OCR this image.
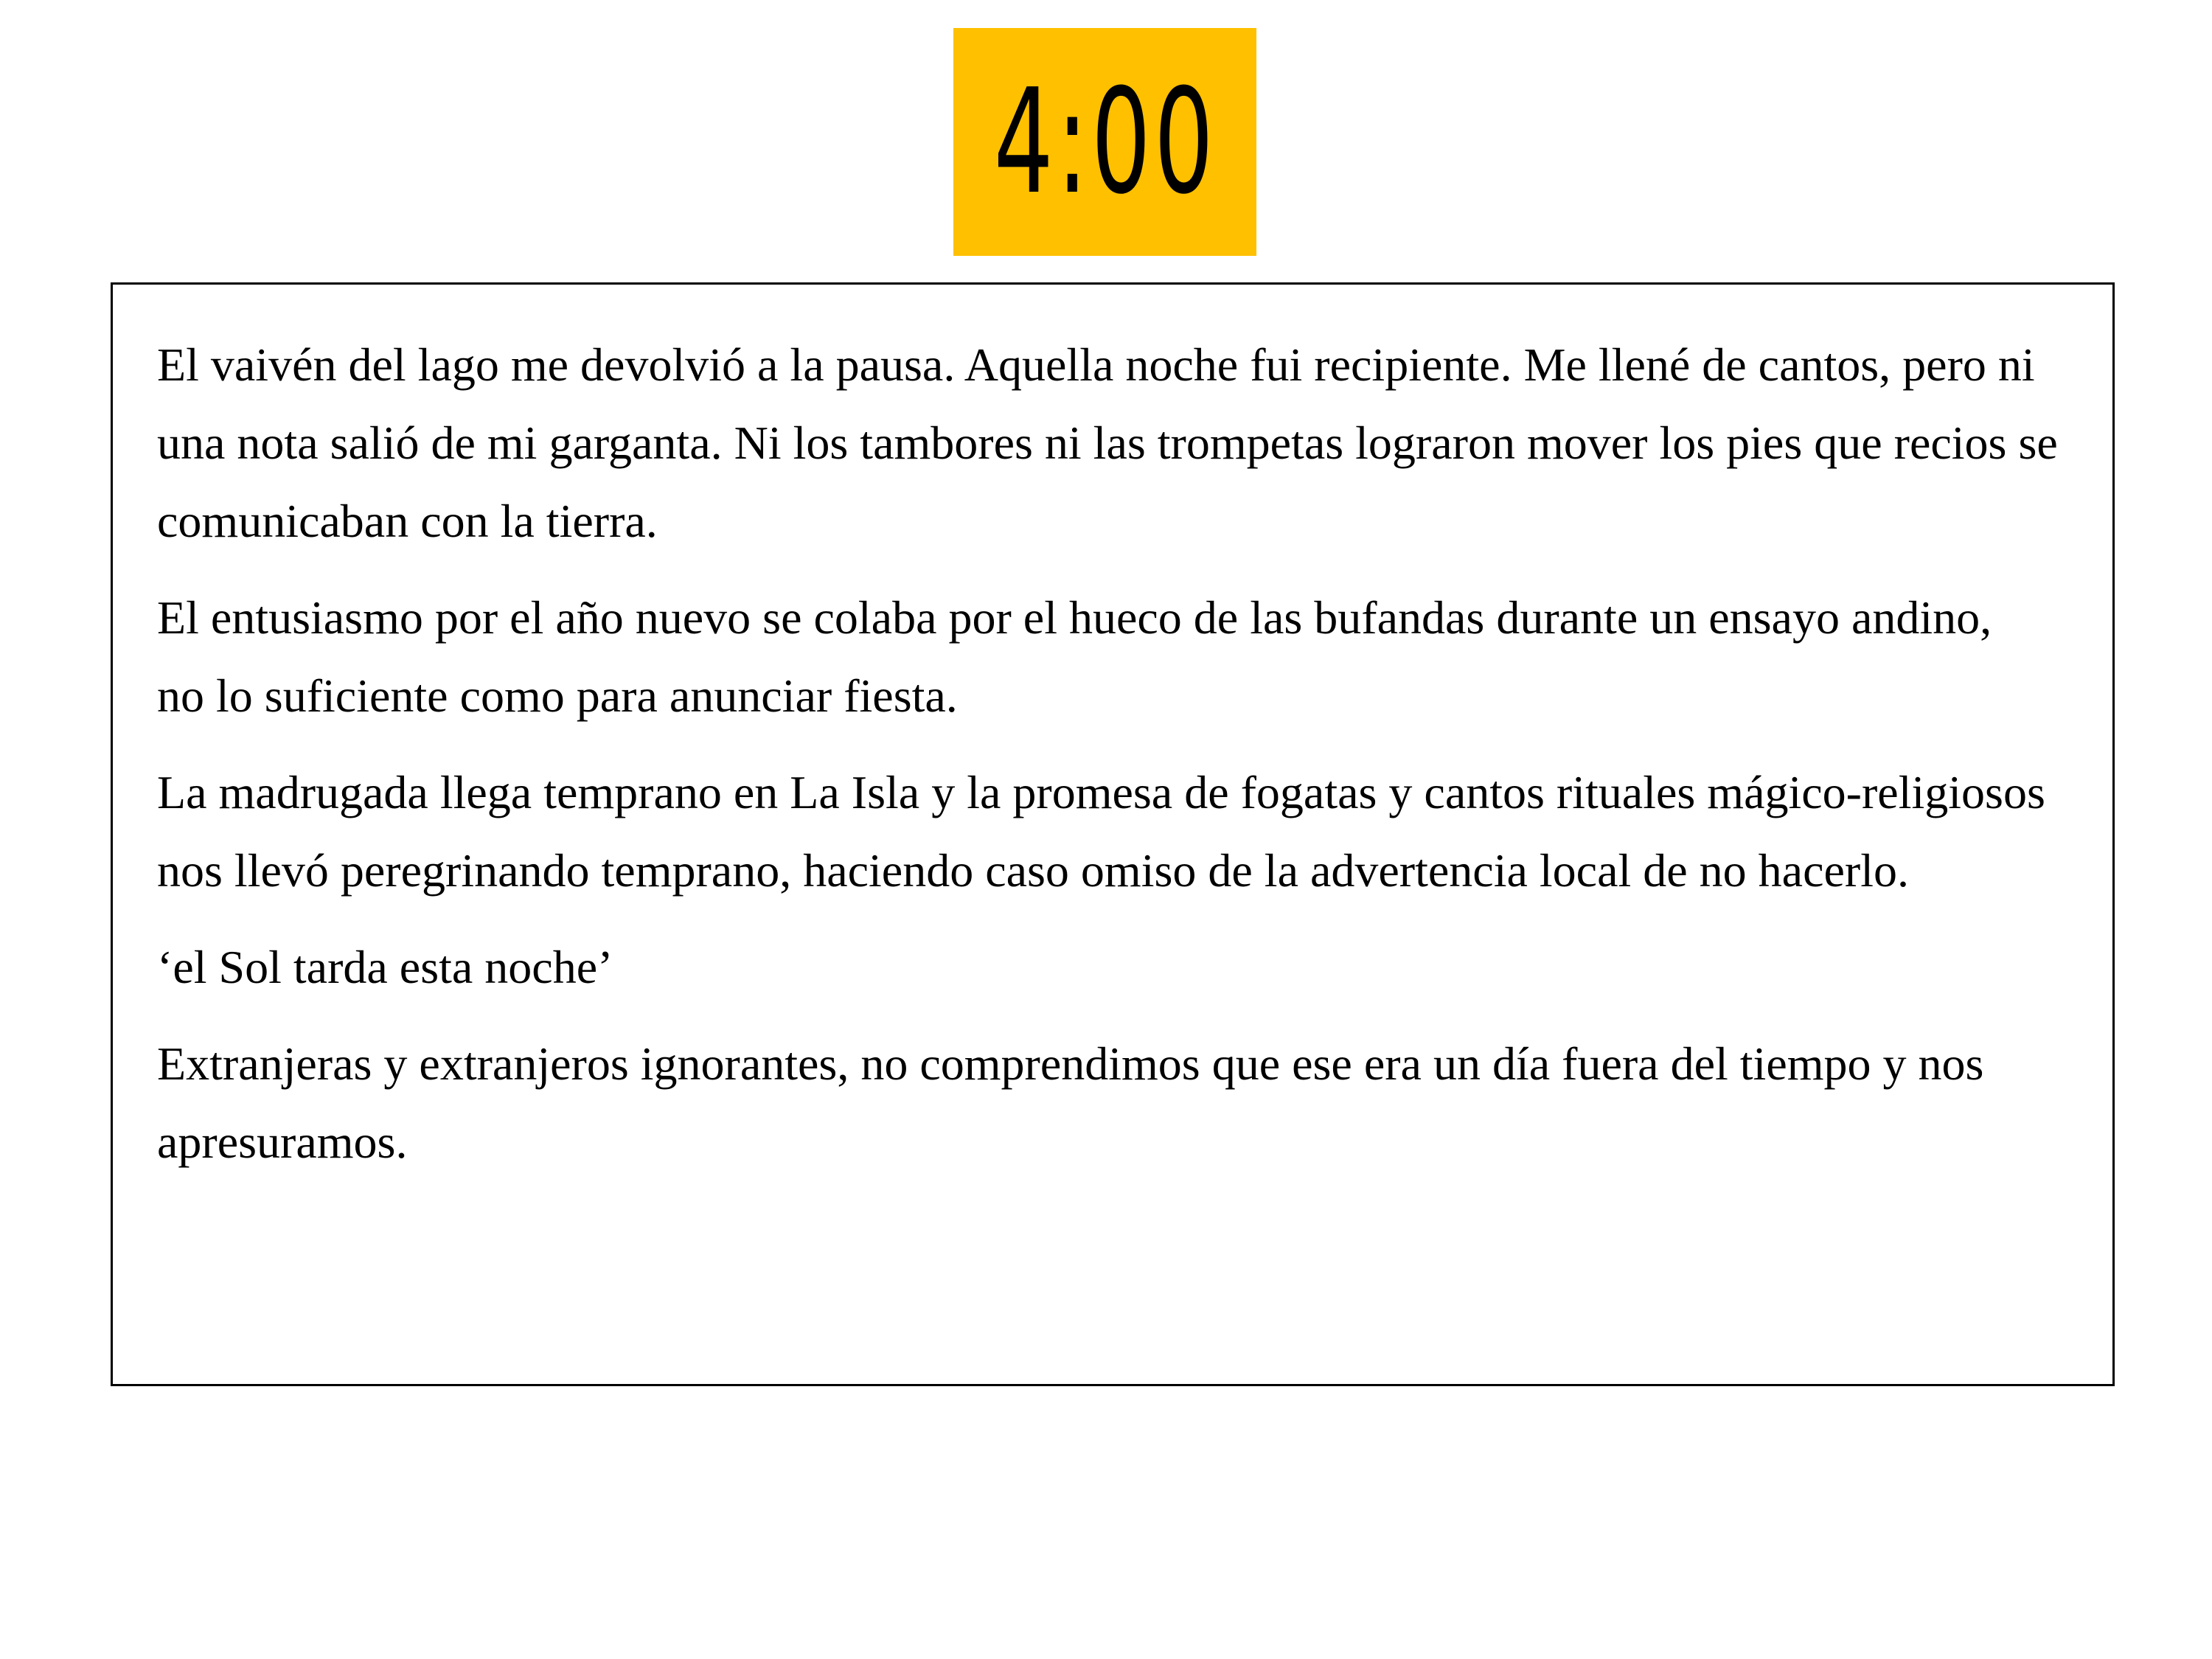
4:00

El vaivén del lago me devolvió a la pausa. Aquella noche fui recipiente. Me llené de cantos, pero ni una nota salió de mi garganta. Ni los tambores ni las trompetas lograron mover los pies que recios se comunicaban con la tierra.

El entusiasmo por el año nuevo se colaba por el hueco de las bufandas durante un ensayo andino,
no lo suficiente como para anunciar fiesta.

La madrugada llega temprano en La Isla y la promesa de fogatas y cantos rituales mágico-religiosos nos llevó peregrinando temprano, haciendo caso omiso de la advertencia local de no hacerlo.

‘el Sol tarda esta noche’

Extranjeras y extranjeros ignorantes, no comprendimos que ese era un día fuera del tiempo y nos apresuramos.
